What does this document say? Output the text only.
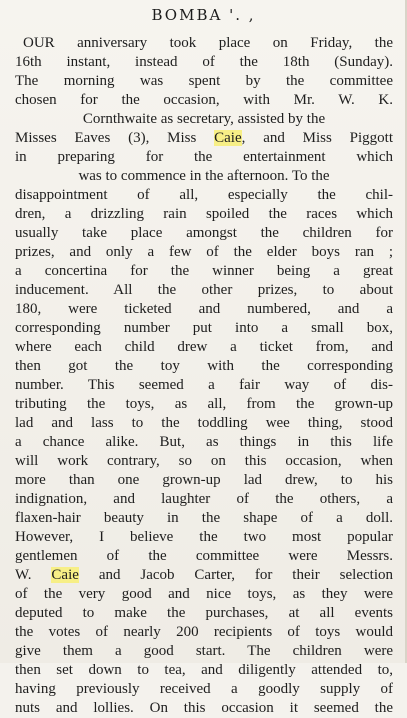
BOMBA '. ,
OUR anniversary took place on Friday, the
16th instant, instead of the 18th (Sunday).
The morning was spent by the committee
chosen for the occasion, with Mr. W. K.
Cornthwaite as secretary, assisted by the
Misses Eaves (3), Miss Caie, and Miss Piggott
in preparing for the entertainment which
was to commence in the afternoon. To the
disappointment of all, especially the chil-
dren, a drizzling rain spoiled the races which
usually take place amongst the children for
prizes, and only a few of the elder boys ran ;
a concertina for the winner being a great
inducement. All the other prizes, to about
180, were ticketed and numbered, and a
corresponding number put into a small box,
where each child drew a ticket from, and
then got the toy with the corresponding
number. This seemed a fair way of dis-
tributing the toys, as all, from the grown-up
lad and lass to the toddling wee thing, stood
a chance alike. But, as things in this life
will work contrary, so on this occasion, when
more than one grown-up lad drew, to his
indignation, and laughter of the others, a
flaxen-hair beauty in the shape of a doll.
However, I believe the two most popular
gentlemen of the committee were Messrs.
W. Caie and Jacob Carter, for their selection
of the very good and nice toys, as they were
deputed to make the purchases, at all events
the votes of nearly 200 recipients of toys would
give them a good start. The children were
then set down to tea, and diligently attended to,
having previously received a goodly supply of
nuts and lollies. On this occasion it seemed the
